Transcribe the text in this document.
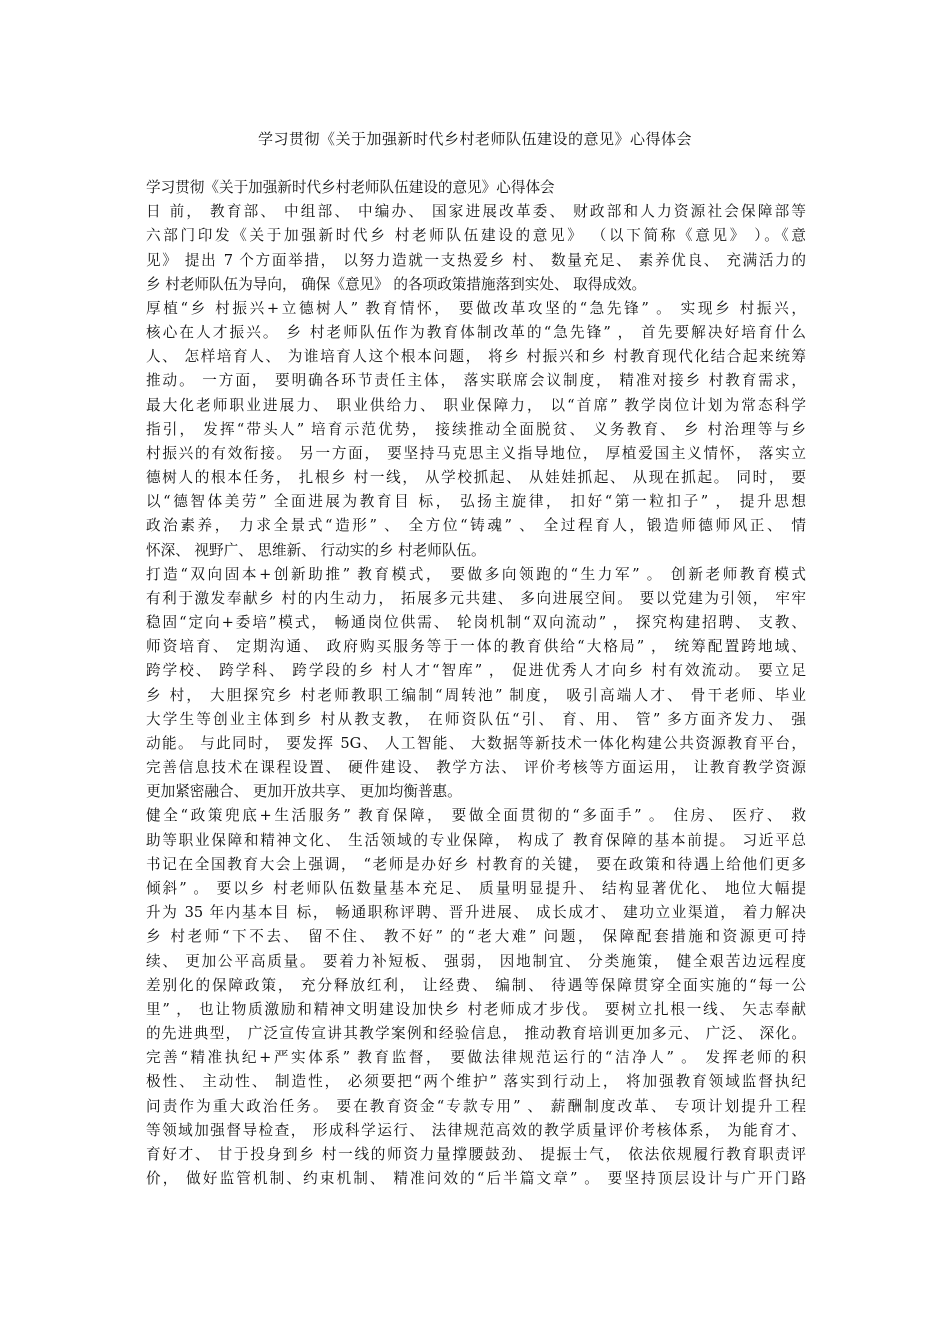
学习贯彻《关于加强新时代乡村老师队伍建设的意见》心得体会
学习贯彻《关于加强新时代乡村老师队伍建设的意见》心得体会
日 前， 教育部、 中组部、 中编办、 国家进展改革委、 财政部和人力资源社会保障部等
六部门印发《关于加强新时代乡 村老师队伍建设的意见》 （以下简称《意见》 ）。《意
见》 提出 7 个方面举措， 以努力造就一支热爱乡 村、 数量充足、 素养优良、 充满活力的
乡 村老师队伍为导向， 确保《意见》 的各项政策措施落到实处、 取得成效。
厚植“乡 村振兴+立德树人” 教育情怀， 要做改革攻坚的“急先锋” 。 实现乡 村振兴，
核心在人才振兴。 乡 村老师队伍作为教育体制改革的“急先锋” ， 首先要解决好培育什么
人、 怎样培育人、 为谁培育人这个根本问题， 将乡 村振兴和乡 村教育现代化结合起来统筹
推动。 一方面， 要明确各环节责任主体， 落实联席会议制度， 精准对接乡 村教育需求，
最大化老师职业进展力、 职业供给力、 职业保障力， 以“首席” 教学岗位计划为常态科学
指引， 发挥“带头人” 培育示范优势， 接续推动全面脱贫、 义务教育、 乡 村治理等与乡
村振兴的有效衔接。 另一方面， 要坚持马克思主义指导地位， 厚植爱国主义情怀， 落实立
德树人的根本任务， 扎根乡 村一线， 从学校抓起、 从娃娃抓起、 从现在抓起。 同时， 要
以“德智体美劳” 全面进展为教育目 标， 弘扬主旋律， 扣好“第一粒扣子” ， 提升思想
政治素养， 力求全景式“造形” 、 全方位“铸魂” 、 全过程育人，锻造师德师风正、 情
怀深、 视野广、 思维新、 行动实的乡 村老师队伍。
打造“双向固本+创新助推” 教育模式， 要做多向领跑的“生力军” 。 创新老师教育模式
有利于激发奉献乡 村的内生动力， 拓展多元共建、 多向进展空间。 要以党建为引领， 牢牢
稳固“定向+委培”模式， 畅通岗位供需、 轮岗机制“双向流动” ， 探究构建招聘、 支教、
师资培育、 定期沟通、 政府购买服务等于一体的教育供给“大格局” ， 统筹配置跨地域、
跨学校、 跨学科、 跨学段的乡 村人才“智库” ， 促进优秀人才向乡 村有效流动。 要立足
乡 村， 大胆探究乡 村老师教职工编制“周转池” 制度， 吸引高端人才、 骨干老师、毕业
大学生等创业主体到乡 村从教支教， 在师资队伍“引、 育、用、 管” 多方面齐发力、 强
动能。 与此同时， 要发挥 5G、 人工智能、 大数据等新技术一体化构建公共资源教育平台，
完善信息技术在课程设置、 硬件建设、 教学方法、 评价考核等方面运用， 让教育教学资源
更加紧密融合、 更加开放共享、 更加均衡普惠。
健全“政策兜底+生活服务” 教育保障， 要做全面贯彻的“多面手” 。 住房、 医疗、 救
助等职业保障和精神文化、 生活领域的专业保障， 构成了 教育保障的基本前提。 习近平总
书记在全国教育大会上强调， “老师是办好乡 村教育的关键， 要在政策和待遇上给他们更多
倾斜” 。 要以乡 村老师队伍数量基本充足、 质量明显提升、 结构显著优化、 地位大幅提
升为 35 年内基本目 标， 畅通职称评聘、晋升进展、 成长成才、 建功立业渠道， 着力解决
乡 村老师“下不去、 留不住、 教不好” 的“老大难” 问题， 保障配套措施和资源更可持
续、 更加公平高质量。 要着力补短板、 强弱， 因地制宜、 分类施策， 健全艰苦边远程度
差别化的保障政策， 充分释放红利， 让经费、 编制、 待遇等保障贯穿全面实施的“每一公
里” ， 也让物质激励和精神文明建设加快乡 村老师成才步伐。 要树立扎根一线、 矢志奉献
的先进典型， 广泛宣传宣讲其教学案例和经验信息， 推动教育培训更加多元、 广泛、 深化。
完善“精准执纪+严实体系” 教育监督， 要做法律规范运行的“洁净人” 。 发挥老师的积
极性、 主动性、 制造性， 必须要把“两个维护” 落实到行动上， 将加强教育领域监督执纪
问责作为重大政治任务。 要在教育资金“专款专用” 、 薪酬制度改革、 专项计划提升工程
等领域加强督导检查， 形成科学运行、 法律规范高效的教学质量评价考核体系， 为能育才、
育好才、 甘于投身到乡 村一线的师资力量撑腰鼓劲、 提振士气， 依法依规履行教育职责评
价， 做好监管机制、约束机制、 精准问效的“后半篇文章” 。 要坚持顶层设计与广开门路
